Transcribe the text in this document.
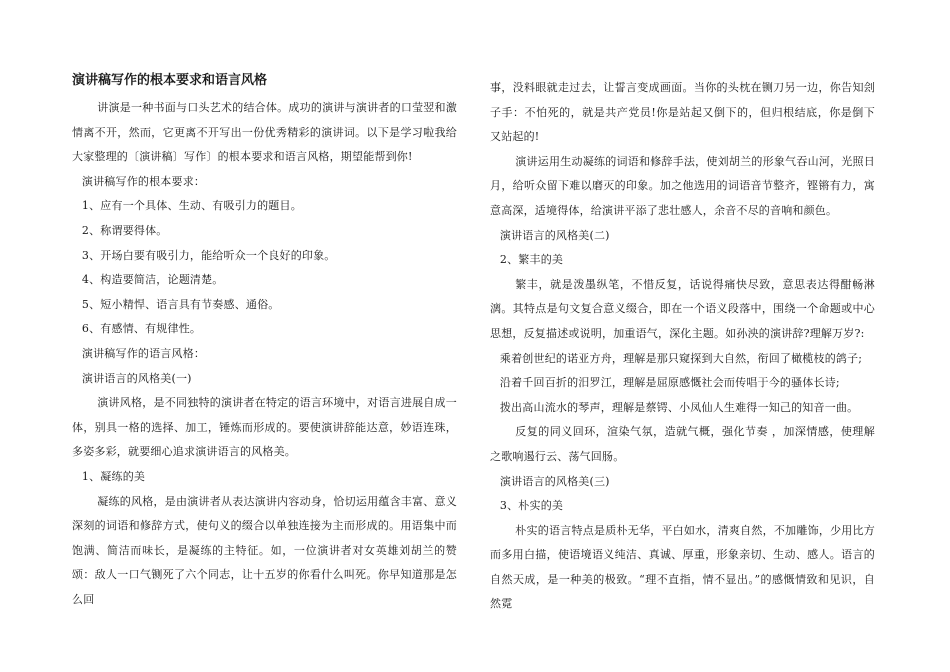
演讲稿写作的根本要求和语言风格

讲演是一种书面与口头艺术的结合体。成功的演讲与演讲者的口莹翌和激情离不开，然而，它更离不开写出一份优秀精彩的演讲词。以下是学习啦我给大家整理的〔演讲稿〕写作〕的根本要求和语言风格，期望能帮到你!

演讲稿写作的根本要求：

1、应有一个具体、生动、有吸引力的题目。

2、称谓要得体。

3、开场白要有吸引力，能给听众一个良好的印象。

4、构造要简洁，论题清楚。

5、短小精悍、语言具有节奏感、通俗。

6、有感情、有规律性。

演讲稿写作的语言风格：

演讲语言的风格美(一)

演讲风格，是不同独特的演讲者在特定的语言环境中，对语言进展自成一体，别具一格的选择、加工，锤炼而形成的。要使演讲辞能达意，妙语连珠，多姿多彩，就要细心追求演讲语言的风格美。

1、凝练的美

凝练的风格，是由演讲者从表达演讲内容动身，恰切运用蕴含丰富、意义深刻的词语和修辞方式，使句义的缀合以单独连接为主而形成的。用语集中而饱满、简洁而味长，是凝练的主特征。如，一位演讲者对女英雄刘胡兰的赞颂：敌人一口气铡死了六个同志，让十五岁的你看什么叫死。你早知道那是怎么回

事，没料眼就走过去，让誓言变成画面。当你的头枕在铡刀另一边，你告知刽子手：不怕死的，就是共产党员!你是站起又倒下的，但归根结底，你是倒下又站起的!

演讲运用生动凝练的词语和修辞手法，使刘胡兰的形象气吞山河，光照日月，给听众留下难以磨灭的印象。加之他选用的词语音节整齐，铿锵有力，寓意高深，适境得体，给演讲平添了悲壮感人，余音不尽的音响和颜色。

演讲语言的风格美(二)

2、繁丰的美

繁丰，就是泼墨纵笔，不惜反复，话说得痛快尽致，意思表达得酣畅淋漓。其特点是句文复合意义缀合，即在一个语义段落中，围绕一个命题或中心思想，反复描述或说明，加重语气，深化主题。如孙泱的演讲辞?理解万岁?:

乘着创世纪的诺亚方舟，理解是那只窥探到大自然，衔回了橄榄枝的鸽子;

沿着千回百折的汨罗江，理解是屈原感慨社会而传唱于今的骚体长诗;

拨出高山流水的琴声，理解是蔡锷、小凤仙人生难得一知己的知音一曲。

反复的同义回环，渲染气氛，造就气概，强化节奏 ，加深情感，使理解之歌响遏行云、荡气回肠。

演讲语言的风格美(三)

3、朴实的美

朴实的语言特点是质朴无华，平白如水，清爽自然，不加雕饰，少用比方而多用白描，使语境语义纯洁、真诚、厚重，形象亲切、生动、感人。语言的自然天成，是一种美的极致。“理不直指，情不显出。”的感慨情致和见识，自然霓
